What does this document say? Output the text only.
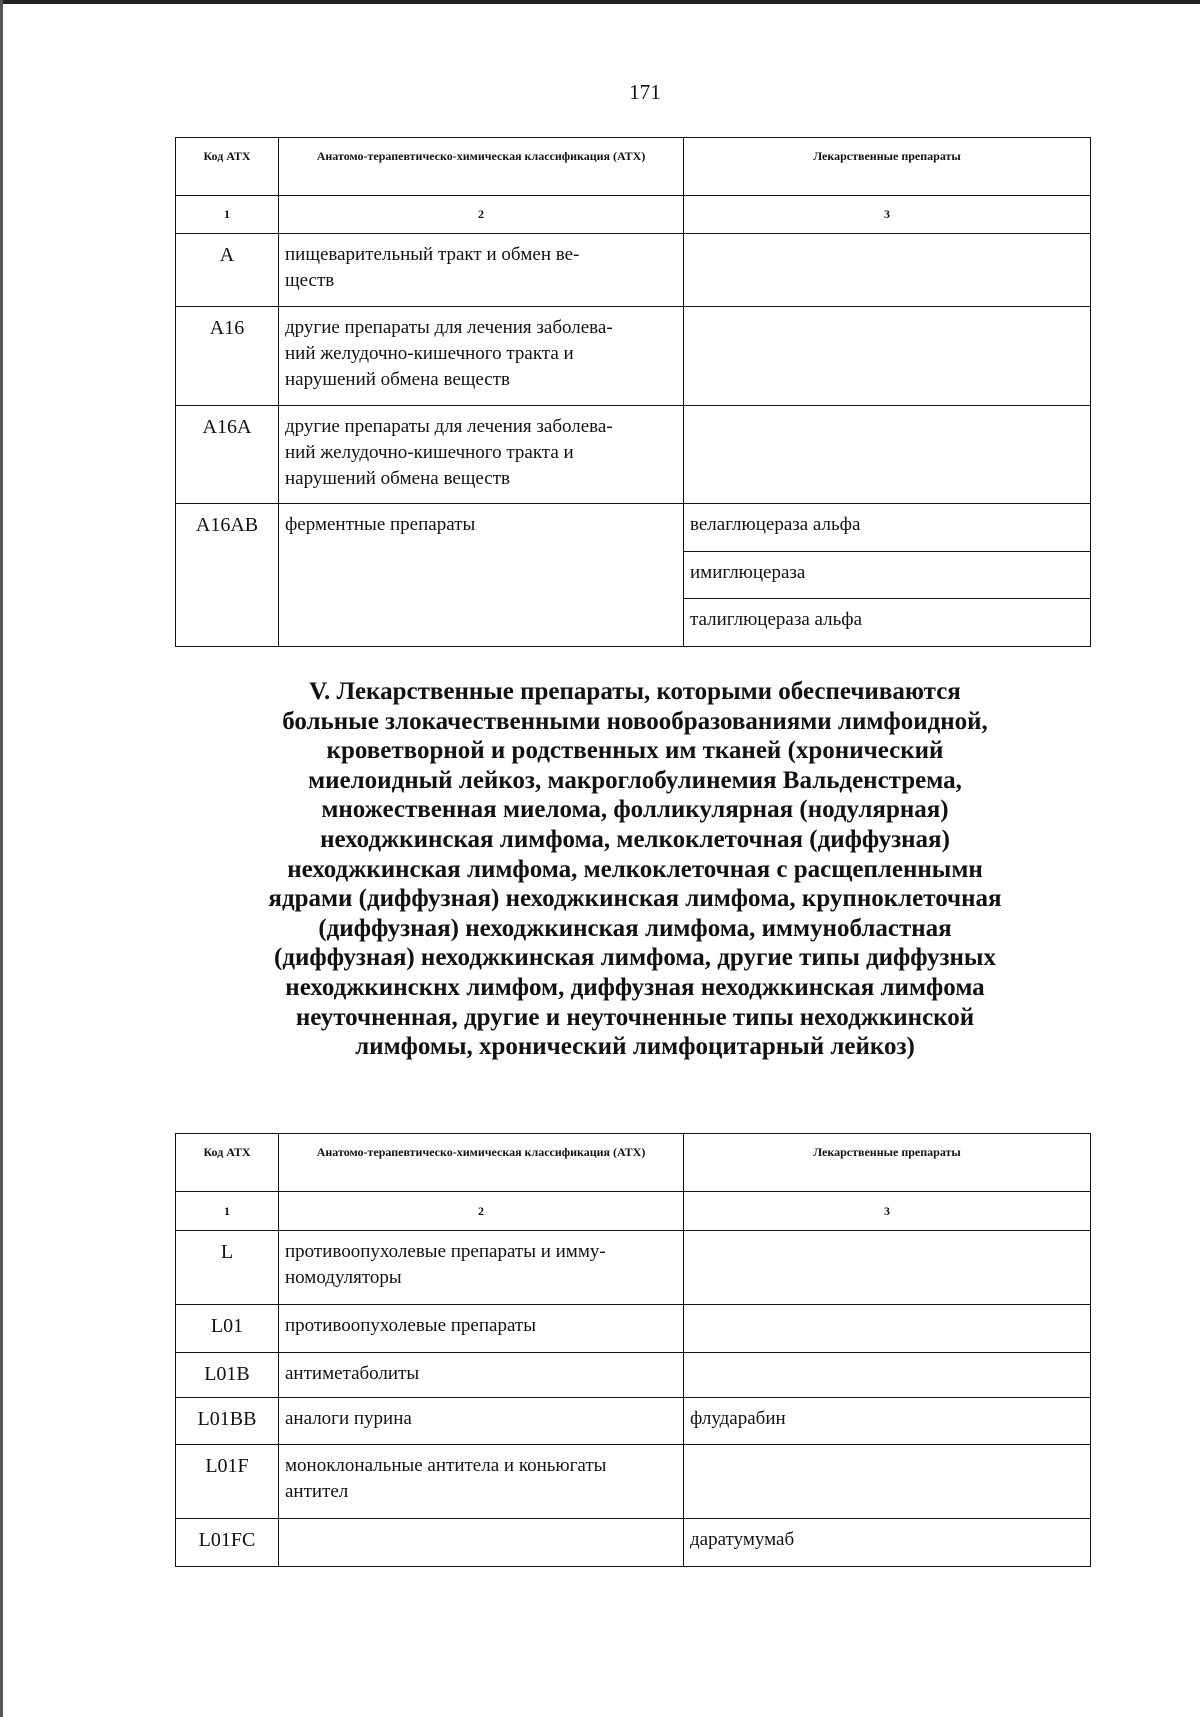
171
Код АТХ	Анатомо-терапевтическо-химическая классификация (АТХ)	Лекарственные препараты
1	2	3
A	пищеварительный тракт и обмен ве-
ществ	

A16	другие препараты для лечения заболева-
ний желудочно-кишечного тракта и
нарушений обмена веществ	

A16A	другие препараты для лечения заболева-
ний желудочно-кишечного тракта и
нарушений обмена веществ	

A16AB	ферментные препараты	велаглюцераза альфа
		имиглюцераза
		талиглюцераза альфа
V. Лекарственные препараты, которыми обеспечиваются
больные злокачественными новообразованиями лимфоидной,
кроветворной и родственных им тканей (хронический
миелоидный лейкоз, макроглобулинемия Вальденстрема,
множественная миелома, фолликулярная (нодулярная)
неходжкинская лимфома, мелкоклеточная (диффузная)
неходжкинская лимфома, мелкоклеточная с расщепленнымн
ядрами (диффузная) неходжкинская лимфома, крупноклеточная
(диффузная) неходжкинская лимфома, иммунобластная
(диффузная) неходжкинская лимфома, другие типы диффузных
неходжкинскнх лимфом, диффузная неходжкинская лимфома
неуточненная, другие и неуточненные типы неходжкинской
лимфомы, хронический лимфоцитарный лейкоз)
Код АТХ	Анатомо-терапевтическо-химическая классификация (АТХ)	Лекарственные препараты
1	2	3
L	противоопухолевые препараты и имму-
номодуляторы	

L01	противоопухолевые препараты	

L01B	антиметаболиты	

L01BB	аналоги пурина	флударабин
L01F	моноклональные антитела и коньюгаты
антител	

L01FC		даратумумаб
